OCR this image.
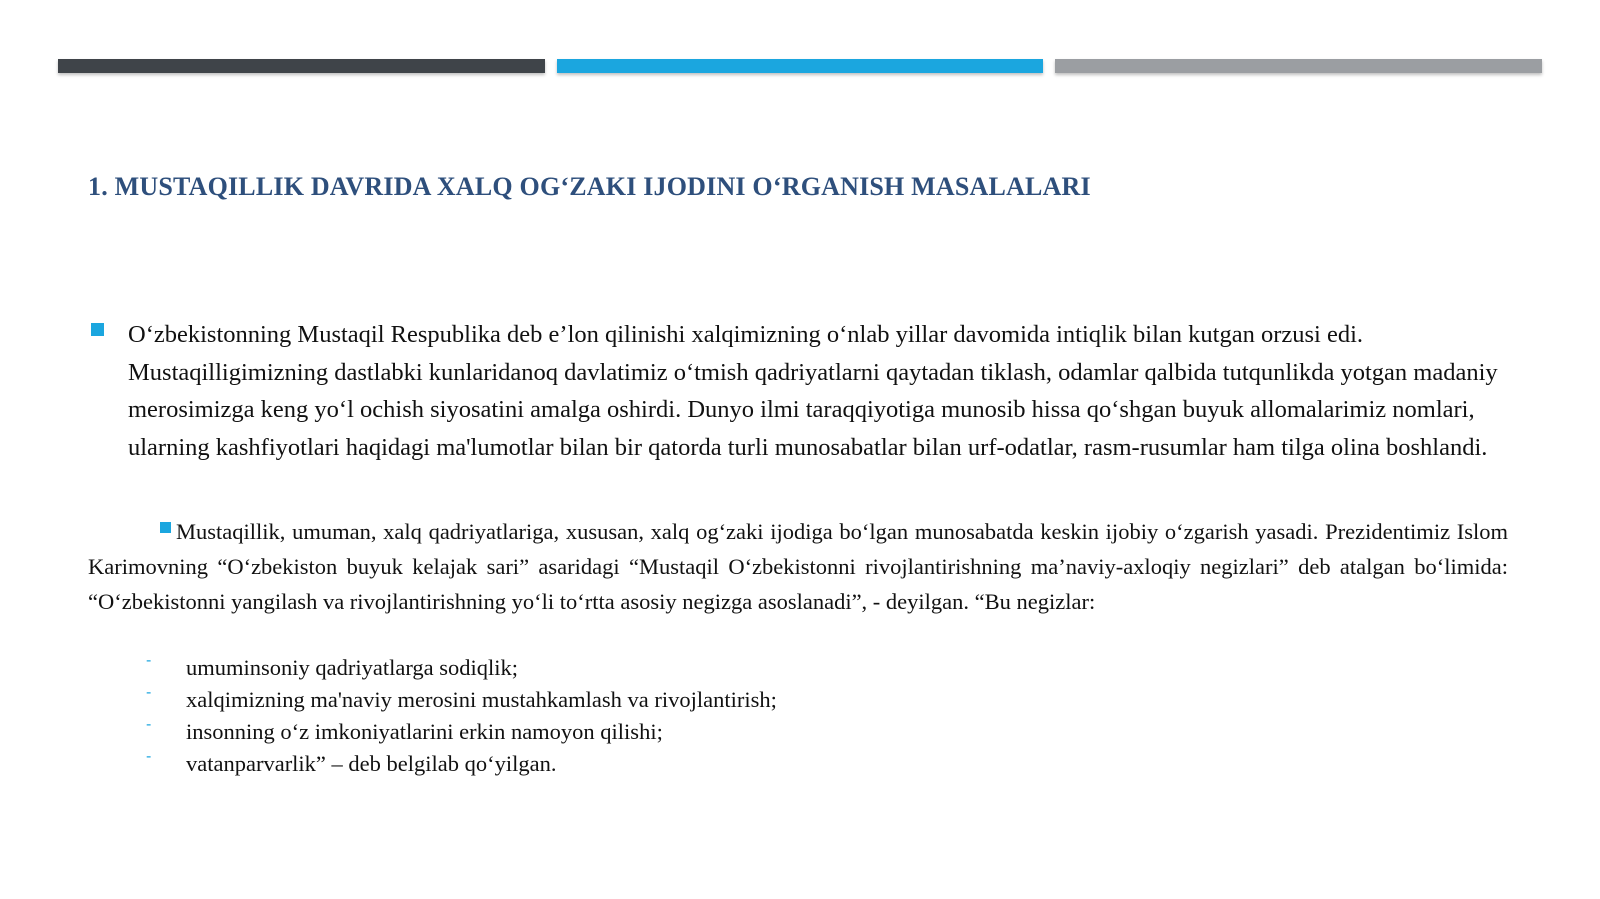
1. MUSTAQILLIK DAVRIDA XALQ OG‘ZAKI IJODINI O‘RGANISH MASALALARI

O‘zbekistonning Mustaqil Respublika deb e’lon qilinishi xalqimizning o‘nlab yillar davomida intiqlik bilan kutgan orzusi edi. Mustaqilligimizning dastlabki kunlaridanoq davlatimiz o‘tmish qadriyatlarni qaytadan tiklash, odamlar qalbida tutqunlikda yotgan madaniy merosimizga keng yo‘l ochish siyosatini amalga oshirdi. Dunyo ilmi taraqqiyotiga munosib hissa qo‘shgan buyuk allomalarimiz nomlari, ularning kashfiyotlari haqidagi ma'lumotlar bilan bir qatorda turli munosabatlar bilan urf-odatlar, rasm-rusumlar ham tilga olina boshlandi.

Mustaqillik, umuman, xalq qadriyatlariga, xususan, xalq og‘zaki ijodiga bo‘lgan munosabatda keskin ijobiy o‘zgarish yasadi. Prezidentimiz Islom Karimovning “O‘zbekiston buyuk kelajak sari” asaridagi “Mustaqil O‘zbekistonni rivojlantirishning ma’naviy-axloqiy negizlari” deb atalgan bo‘limida: “O‘zbekistonni yangilash va rivojlantirishning yo‘li to‘rtta asosiy negizga asoslanadi”, - deyilgan. “Bu negizlar:

- umuminsoniy qadriyatlarga sodiqlik;
- xalqimizning ma'naviy merosini mustahkamlash va rivojlantirish;
- insonning o‘z imkoniyatlarini erkin namoyon qilishi;
- vatanparvarlik” – deb belgilab qo‘yilgan.
